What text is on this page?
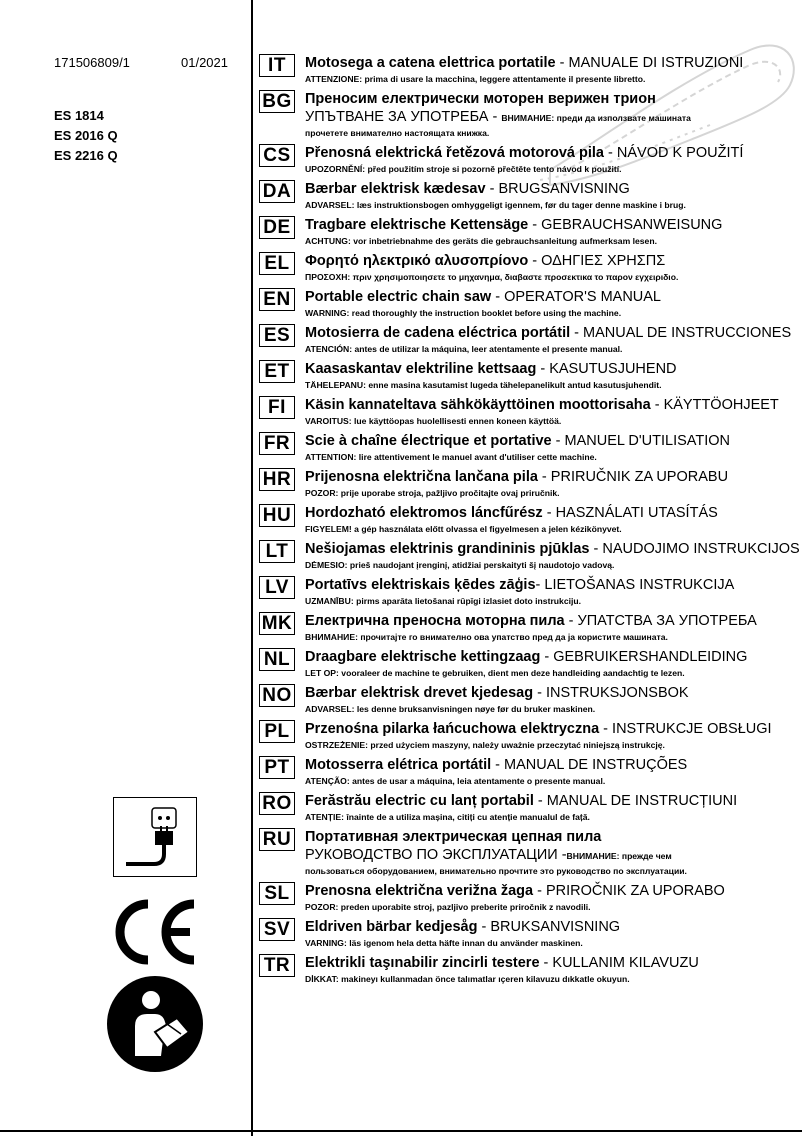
171506809/1	01/2021
ES 1814
ES 2016 Q
ES 2216 Q
IT	Motosega a catena elettrica portatile - MANUALE DI ISTRUZIONI
ATTENZIONE: prima di usare la macchina, leggere attentamente il presente libretto.
BG Преносим електрически моторен верижен трион
УПЪТВАНЕ ЗА УПОТРЕБА - ВНИМАНИЕ: преди да използвате машината
прочетете внимателно настоящата книжка.
CS Přenosná elektrická řetězová motorová pila - NÁVOD K POUŽITÍ
UPOZORNĚNÍ: před použitím stroje si pozorně přečtěte tento návod k použití.
DA Bærbar elektrisk kædesav - BRUGSANVISNING
ADVARSEL: læs instruktionsbogen omhyggeligt igennem, før du tager denne maskine i brug.
DE Tragbare elektrische Kettensäge - GEBRAUCHSANWEISUNG
ACHTUNG: vor inbetriebnahme des geräts die gebrauchsanleitung aufmerksam lesen.
EL	Φορητό ηλεκτρικό αλυσοπρίονο - ΟΔΗΓΙΕΣ ΧΡΗΣΠΣ
ΠΡΟΣΟΧΗ: πριν χρησιμοποιησετε το μηχανημα, διαβαστε προσεκτικα το παρον εγχειριδιο.
EN Portable electric chain saw - OPERATOR'S MANUAL
WARNING: read thoroughly the instruction booklet before using the machine.
ES	Motosierra de cadena eléctrica portátil - MANUAL DE INSTRUCCIONES
ATENCIÓN: antes de utilizar la máquina, leer atentamente el presente manual.
ET	Kaasaskantav elektriline kettsaag - KASUTUSJUHEND
TÄHELEPANU: enne masina kasutamist lugeda tähelepanelikult antud kasutusjuhendit.
FI	Käsin kannateltava sähkökäyttöinen moottorisaha - KÄYTTÖOHJEET
VAROITUS: lue käyttöopas huolellisesti ennen koneen käyttöä.
FR	Scie à chaîne électrique et portative - MANUEL D'UTILISATION
ATTENTION: lire attentivement le manuel avant d'utiliser cette machine.
HR Prijenosna električna lančana pila - PRIRUČNIK ZA UPORABU
POZOR: prije uporabe stroja, pažljivo pročitajte ovaj priručnik.
HU Hordozható elektromos láncfűrész - HASZNÁLATI UTASÍTÁS
FIGYELEM! a gép használata előtt olvassa el figyelmesen a jelen kézikönyvet.
LT	Nešiojamas elektrinis grandininis pjūklas - NAUDOJIMO INSTRUKCIJOS
DĖMESIO: prieš naudojant įrenginį, atidžiai perskaityti šį naudotojo vadovą.
LV	Portatīvs elektriskais ķēdes zāģis- LIETOŠANAS INSTRUKCIJA
UZMANĪBU: pirms aparāta lietošanai rūpīgi izlasiet doto instrukciju.
MK Електрична преносна моторна пила - УПАТСТВА ЗА УПОТРЕБА
ВНИМАНИЕ: прочитајте го внимателно ова упатство пред да ја користите машината.
NL	Draagbare elektrische kettingzaag - GEBRUIKERSHANDLEIDING
LET OP: vooraleer de machine te gebruiken, dient men deze handleiding aandachtig te lezen.
NO Bærbar elektrisk drevet kjedesag - INSTRUKSJONSBOK
ADVARSEL: les denne bruksanvisningen nøye før du bruker maskinen.
PL	Przenośna pilarka łańcuchowa elektryczna - INSTRUKCJE OBSŁUGI
OSTRZEŻENIE: przed użyciem maszyny, należy uważnie przeczytać niniejszą instrukcję.
PT	Motosserra elétrica portátil - MANUAL DE INSTRUÇÕES
ATENÇÃO: antes de usar a máquina, leia atentamente o presente manual.
RO Ferăstrău electric cu lanț portabil - MANUAL DE INSTRUCȚIUNI
ATENȚIE: înainte de a utiliza mașina, citiți cu atenție manualul de față.
RU Портативная электрическая цепная пила
РУКОВОДСТВО ПО ЭКСПЛУАТАЦИИ -ВНИМАНИЕ: прежде чем
пользоваться оборудованием, внимательно прочтите это руководство по эксплуатации.
SL	Prenosna električna verižna žaga - PRIROČNIK ZA UPORABO
POZOR: preden uporabite stroj, pazljivo preberite priročnik z navodili.
SV	Eldriven bärbar kedjesåg - BRUKSANVISNING
VARNING: läs igenom hela detta häfte innan du använder maskinen.
TR	Elektrikli taşınabilir zincirli testere - KULLANIM KILAVUZU
DİKKAT: makineyı kullanmadan önce talımatlar ıçeren kilavuzu dıkkatle okuyun.
